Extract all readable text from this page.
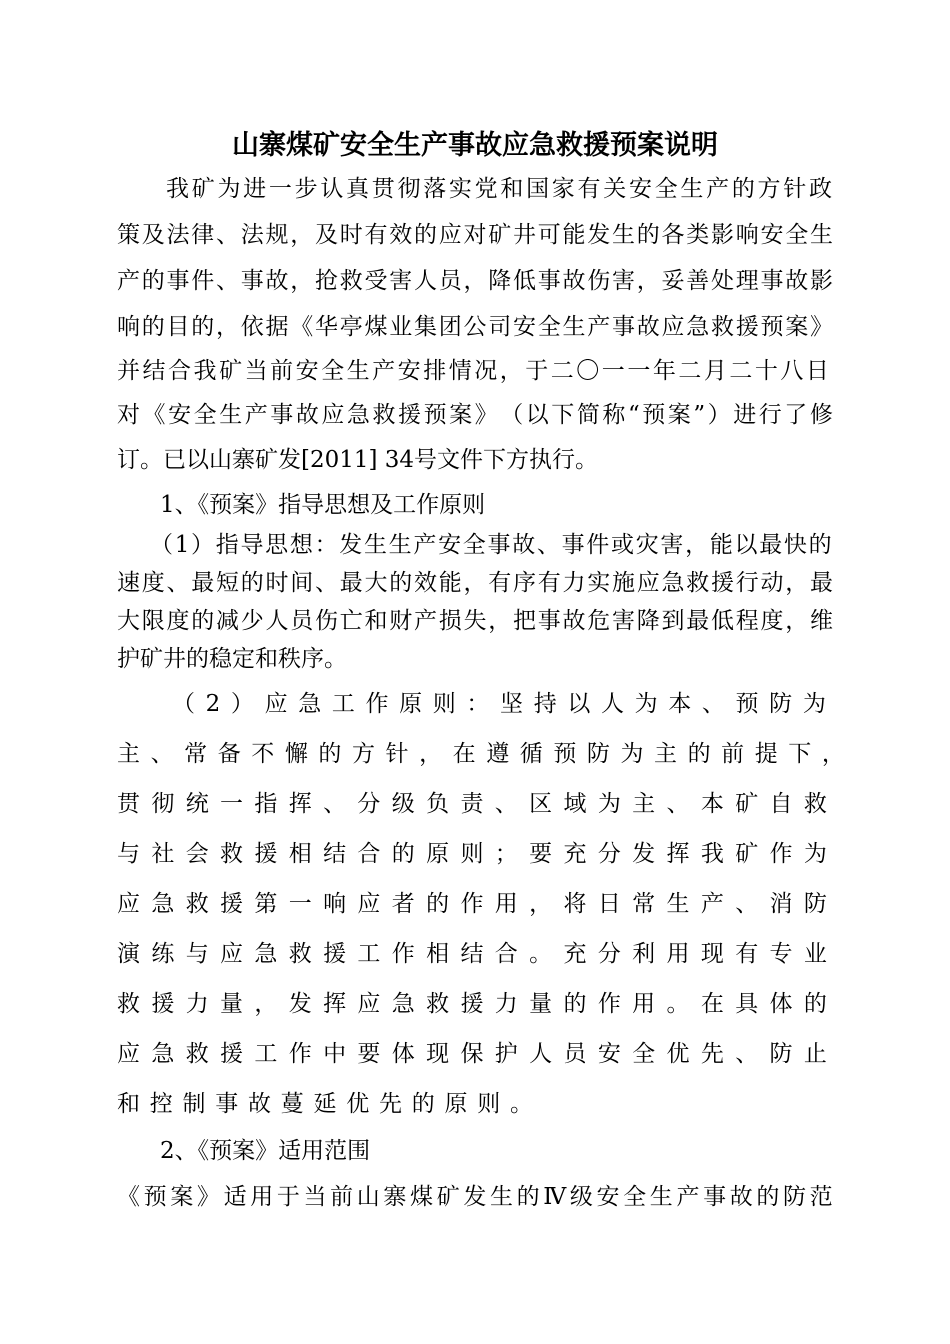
山寨煤矿安全生产事故应急救援预案说明
我 矿 为 进 一 步 认 真 贯 彻 落 实 党 和 国 家 有 关 安 全 生 产 的 方 针 政
策 及 法 律 、 法 规 ， 及 时 有 效 的 应 对 矿 井 可 能 发 生 的 各 类 影 响 安 全 生
产 的 事 件 、 事 故 ， 抢 救 受 害 人 员 ， 降 低 事 故 伤 害 ， 妥 善 处 理 事 故 影
响 的 目 的 ， 依 据 《 华 亭 煤 业 集 团 公 司 安 全 生 产 事 故 应 急 救 援 预 案 》
并 结 合 我 矿 当 前 安 全 生 产 安 排 情 况 ， 于 二 〇 一 一 年 二 月 二 十 八 日
对 《 安 全 生 产 事 故 应 急 救 援 预 案 》 （ 以 下 简 称 “ 预 案 ” ） 进 行 了 修
订。已以山寨矿发[2011] 34号文件下方执行。
1、《预案》指导思想及工作原则
（ 1 ） 指 导 思 想 ： 发 生 生 产 安 全 事 故 、 事 件 或 灾 害 ， 能 以 最 快 的
速 度 、 最 短 的 时 间 、 最 大 的 效 能 ， 有 序 有 力 实 施 应 急 救 援 行 动 ， 最
大 限 度 的 减 少 人 员 伤 亡 和 财 产 损 失 ， 把 事 故 危 害 降 到 最 低 程 度 ， 维
护矿井的稳定和秩序。
（ 2 ） 应 急 工 作 原 则 ： 坚 持 以 人 为 本 、 预 防 为
主 、 常 备 不 懈 的 方 针 ， 在 遵 循 预 防 为 主 的 前 提 下 ，
贯 彻 统 一 指 挥 、 分 级 负 责 、 区 域 为 主 、 本 矿 自 救
与 社 会 救 援 相 结 合 的 原 则 ； 要 充 分 发 挥 我 矿 作 为
应 急 救 援 第 一 响 应 者 的 作 用 ， 将 日 常 生 产 、 消 防
演 练 与 应 急 救 援 工 作 相 结 合 。 充 分 利 用 现 有 专 业
救 援 力 量 ， 发 挥 应 急 救 援 力 量 的 作 用 。 在 具 体 的
应 急 救 援 工 作 中 要 体 现 保 护 人 员 安 全 优 先 、 防 止
和 控 制 事 故 蔓 延 优 先 的 原 则 。
2、《预案》适用范围
《 预 案 》 适 用 于 当 前 山 寨 煤 矿 发 生 的 Ⅳ 级 安 全 生 产 事 故 的 防 范
